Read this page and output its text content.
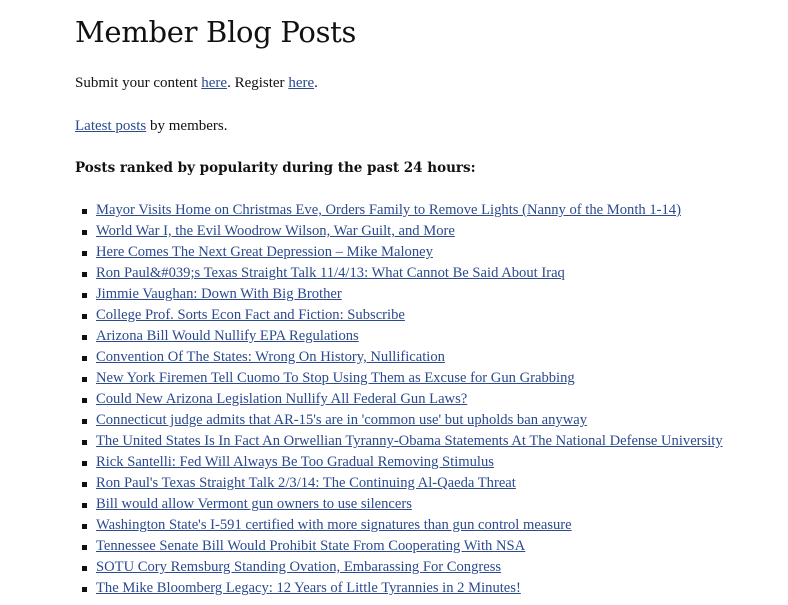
Member Blog Posts

Submit your content here. Register here.

Latest posts by members.

Posts ranked by popularity during the past 24 hours:
Mayor Visits Home on Christmas Eve, Orders Family to Remove Lights (Nanny of the Month 1-14)
World War I, the Evil Woodrow Wilson, War Guilt, and More
Here Comes The Next Great Depression – Mike Maloney
Ron Paul&#039;s Texas Straight Talk 11/4/13: What Cannot Be Said About Iraq
Jimmie Vaughan: Down With Big Brother
College Prof. Sorts Econ Fact and Fiction: Subscribe
Arizona Bill Would Nullify EPA Regulations
Convention Of The States: Wrong On History, Nullification
New York Firemen Tell Cuomo To Stop Using Them as Excuse for Gun Grabbing
Could New Arizona Legislation Nullify All Federal Gun Laws?
Connecticut judge admits that AR-15's are in 'common use' but upholds ban anyway
The United States Is In Fact An Orwellian Tyranny-Obama Statements At The National Defense University
Rick Santelli: Fed Will Always Be Too Gradual Removing Stimulus
Ron Paul's Texas Straight Talk 2/3/14: The Continuing Al-Qaeda Threat
Bill would allow Vermont gun owners to use silencers
Washington State's I-591 certified with more signatures than gun control measure
Tennessee Senate Bill Would Prohibit State From Cooperating With NSA
SOTU Cory Remsburg Standing Ovation, Embarassing For Congress
The Mike Bloomberg Legacy: 12 Years of Little Tyrannies in 2 Minutes!
